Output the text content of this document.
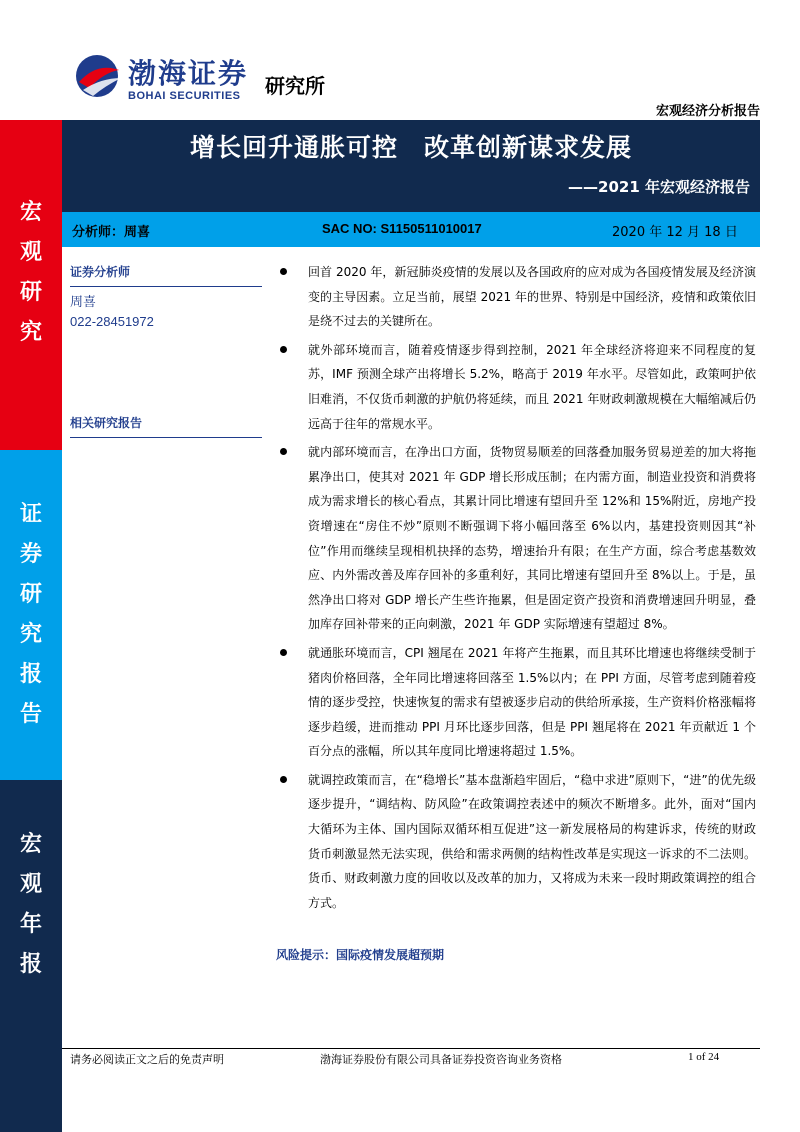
渤海证券
BOHAI SECURITIES 研究所
宏观经济分析报告
宏
观
研
究
证
券
研
究
报
告
宏
观
年
报
增长回升通胀可控　改革创新谋求发展
——2021 年宏观经济报告
分析师：周喜	SAC NO: S1150511010017	2020 年 12 月 18 日
证券分析师
周喜
022-28451972
相关研究报告
回首 2020 年，新冠肺炎疫情的发展以及各国政府的应对成为各国疫情发展及经济演变的主导因素。立足当前，展望 2021 年的世界、特别是中国经济，疫情和政策依旧是绕不过去的关键所在。
就外部环境而言，随着疫情逐步得到控制，2021 年全球经济将迎来不同程度的复苏，IMF 预测全球产出将增长 5.2%，略高于 2019 年水平。尽管如此，政策呵护依旧难消，不仅货币刺激的护航仍将延续，而且 2021 年财政刺激规模在大幅缩减后仍远高于往年的常规水平。
就内部环境而言，在净出口方面，货物贸易顺差的回落叠加服务贸易逆差的加大将拖累净出口，使其对 2021 年 GDP 增长形成压制；在内需方面，制造业投资和消费将成为需求增长的核心看点，其累计同比增速有望回升至 12%和 15%附近，房地产投资增速在“房住不炒”原则不断强调下将小幅回落至 6%以内，基建投资则因其“补位”作用而继续呈现相机抉择的态势，增速抬升有限；在生产方面，综合考虑基数效应、内外需改善及库存回补的多重利好，其同比增速有望回升至 8%以上。于是，虽然净出口将对 GDP 增长产生些许拖累，但是固定资产投资和消费增速回升明显，叠加库存回补带来的正向刺激，2021 年 GDP 实际增速有望超过 8%。
就通胀环境而言，CPI 翘尾在 2021 年将产生拖累，而且其环比增速也将继续受制于猪肉价格回落，全年同比增速将回落至 1.5%以内；在 PPI 方面，尽管考虑到随着疫情的逐步受控，快速恢复的需求有望被逐步启动的供给所承接，生产资料价格涨幅将逐步趋缓，进而推动 PPI 月环比逐步回落，但是 PPI 翘尾将在 2021 年贡献近 1 个百分点的涨幅，所以其年度同比增速将超过 1.5%。
就调控政策而言，在“稳增长”基本盘渐趋牢固后，“稳中求进”原则下，“进”的优先级逐步提升，“调结构、防风险”在政策调控表述中的频次不断增多。此外，面对“国内大循环为主体、国内国际双循环相互促进”这一新发展格局的构建诉求，传统的财政货币刺激显然无法实现，供给和需求两侧的结构性改革是实现这一诉求的不二法则。货币、财政刺激力度的回收以及改革的加力，又将成为未来一段时期政策调控的组合方式。
风险提示：国际疫情发展超预期
请务必阅读正文之后的免责声明	渤海证券股份有限公司具备证券投资咨询业务资格	1 of 24
